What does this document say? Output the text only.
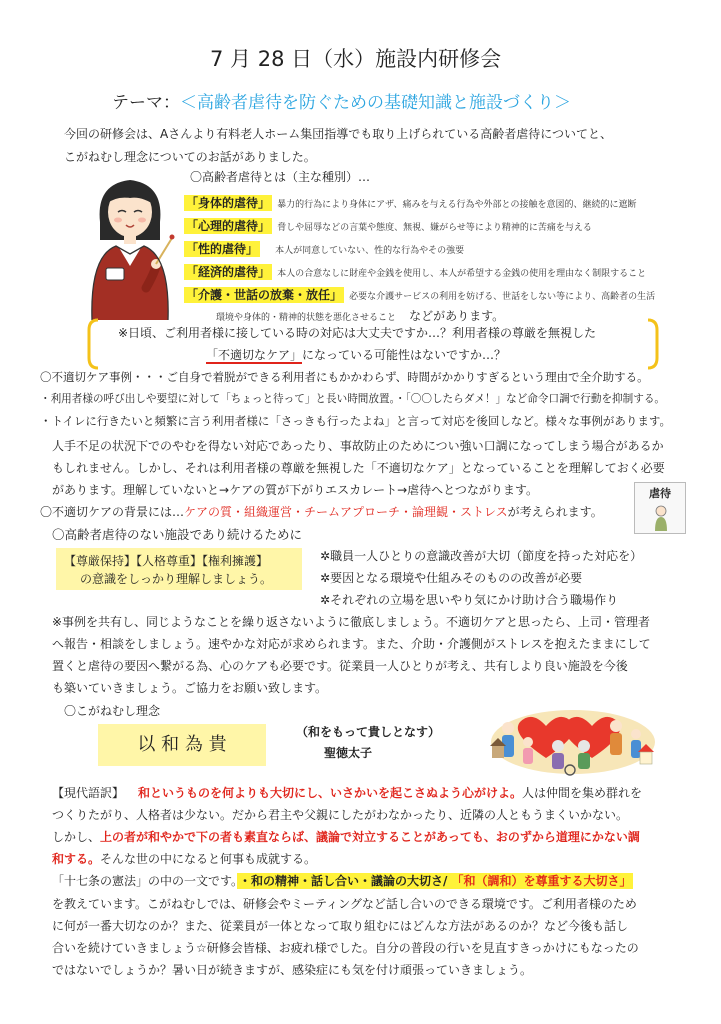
7 月 28 日（水）施設内研修会
テーマ：＜高齢者虐待を防ぐための基礎知識と施設づくり＞
今回の研修会は、Aさんより有料老人ホーム集団指導でも取り上げられている高齢者虐待についてと、
こがねむし理念についてのお話がありました。
〇高齢者虐待とは（主な種別）…
「身体的虐待」 暴力的行為により身体にアザ、痛みを与える行為や外部との接触を意図的、継続的に遮断
「心理的虐待」 脅しや屈辱などの言葉や態度、無視、嫌がらせ等により精神的に苦痛を与える
「性的虐待」 本人が同意していない、性的な行為やその強要
「経済的虐待」 本人の合意なしに財産や金銭を使用し、本人が希望する金銭の使用を理由なく制限すること
「介護・世話の放棄・放任」 必要な介護サービスの利用を妨げる、世話をしない等により、高齢者の生活
環境や身体的・精神的状態を悪化させること などがあります。
※日頃、ご利用者様に接している時の対応は大丈夫ですか…？利用者様の尊厳を無視した
「不適切なケア」になっている可能性はないですか…？
〇不適切ケア事例・・・ご自身で着脱ができる利用者にもかかわらず、時間がかかりすぎるという理由で全介助する。
・利用者様の呼び出しや要望に対して「ちょっと待って」と長い時間放置。・「〇〇したらダメ！」など命令口調で行動を抑制する。
・トイレに行きたいと頻繁に言う利用者様に「さっきも行ったよね」と言って対応を後回しなど。様々な事例があります。
人手不足の状況下でのやむを得ない対応であったり、事故防止のためについ強い口調になってしまう場合があるか
もしれません。しかし、それは利用者様の尊厳を無視した「不適切なケア」となっていることを理解しておく必要
があります。理解していないと→ケアの質が下がりエスカレート→虐待へとつながります。
〇不適切ケアの背景には…ケアの質・組織運営・チームアプローチ・論理観・ストレスが考えられます。
虐待
〇高齢者虐待のない施設であり続けるために
【尊厳保持】【人格尊重】【権利擁護】
の意識をしっかり理解しましょう。
✲職員一人ひとりの意識改善が大切（節度を持った対応を）
✲要因となる環境や仕組みそのものの改善が必要
✲それぞれの立場を思いやり気にかけ助け合う職場作り
※事例を共有し、同じようなことを繰り返さないように徹底しましょう。不適切ケアと思ったら、上司・管理者
へ報告・相談をしましょう。速やかな対応が求められます。また、介助・介護側がストレスを抱えたままにして
置くと虐待の要因へ繋がる為、心のケアも必要です。従業員一人ひとりが考え、共有しより良い施設を今後
も築いていきましょう。ご協力をお願い致します。
〇こがねむし理念
以 和 為 貴
（和をもって貴しとなす）
聖徳太子
【現代語訳】 和というものを何よりも大切にし、いさかいを起こさぬよう心がけよ。人は仲間を集め群れを
つくりたがり、人格者は少ない。だから君主や父親にしたがわなかったり、近隣の人ともうまくいかない。
しかし、上の者が和やかで下の者も素直ならば、議論で対立することがあっても、おのずから道理にかない調
和する。そんな世の中になると何事も成就する。
「十七条の憲法」の中の一文です。 ・和の精神・話し合い・議論の大切さ/ 「和（調和）を尊重する大切さ」
を教えています。こがねむしでは、研修会やミーティングなど話し合いのできる環境です。ご利用者様のため
に何が一番大切なのか？また、従業員が一体となって取り組むにはどんな方法があるのか？など今後も話し
合いを続けていきましょう☆研修会皆様、お疲れ様でした。自分の普段の行いを見直すきっかけにもなったの
ではないでしょうか？暑い日が続きますが、感染症にも気を付け頑張っていきましょう。
